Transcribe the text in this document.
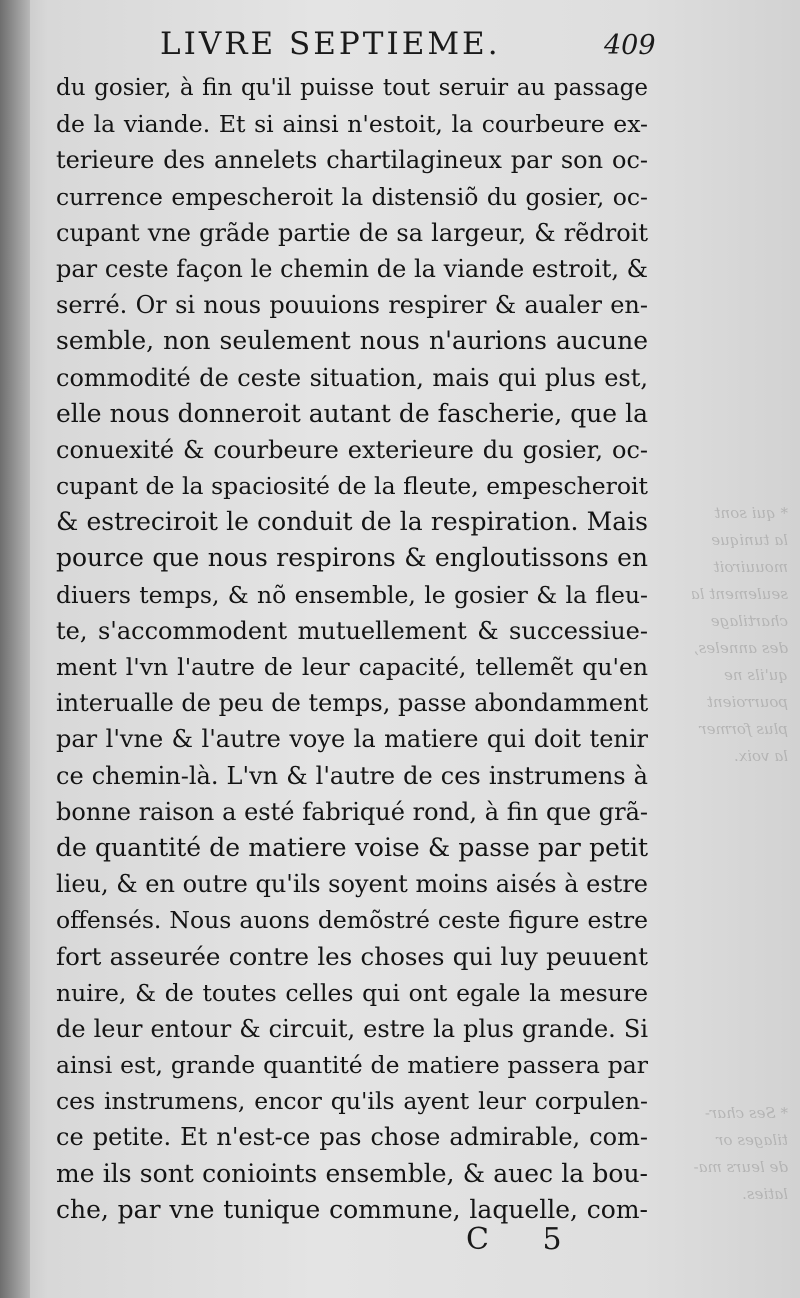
LIVRE SEPTIEME.	409
* qui sont
la tunique
mouuiroit
seulement la
chartilage
des anneles,
qu'ils ne
pourroient
plus former
la voix.
* Ses char-
tilages or
de leurs ma-
laties.
du gosier, à fin qu'il puisse tout seruir au passage
de la viande. Et si ainsi n'estoit, la courbeure ex-
terieure des annelets chartilagineux par son oc-
currence empescheroit la distensiõ du gosier, oc-
cupant vne grãde partie de sa largeur, & rẽdroit
par ceste façon le chemin de la viande estroit, &
serré. Or si nous pouuions respirer & aualer en-
semble, non seulement nous n'aurions aucune
commodité de ceste situation, mais qui plus est,
elle nous donneroit autant de fascherie, que la
conuexité & courbeure exterieure du gosier, oc-
cupant de la spaciosité de la fleute, empescheroit
& estreciroit le conduit de la respiration. Mais
pource que nous respirons & engloutissons en
diuers temps, & nõ ensemble, le gosier & la fleu-
te, s'accommodent mutuellement & successiue-
ment l'vn l'autre de leur capacité, tellemẽt qu'en
interualle de peu de temps, passe abondamment
par l'vne & l'autre voye la matiere qui doit tenir
ce chemin-là. L'vn & l'autre de ces instrumens à
bonne raison a esté fabriqué rond, à fin que grã-
de quantité de matiere voise & passe par petit
lieu, & en outre qu'ils soyent moins aisés à estre
offensés. Nous auons demõstré ceste figure estre
fort asseurée contre les choses qui luy peuuent
nuire, & de toutes celles qui ont egale la mesure
de leur entour & circuit, estre la plus grande. Si
ainsi est, grande quantité de matiere passera par
ces instrumens, encor qu'ils ayent leur corpulen-
ce petite. Et n'est-ce pas chose admirable, com-
me ils sont conioints ensemble, & auec la bou-
che, par vne tunique commune, laquelle, com-
C 5
